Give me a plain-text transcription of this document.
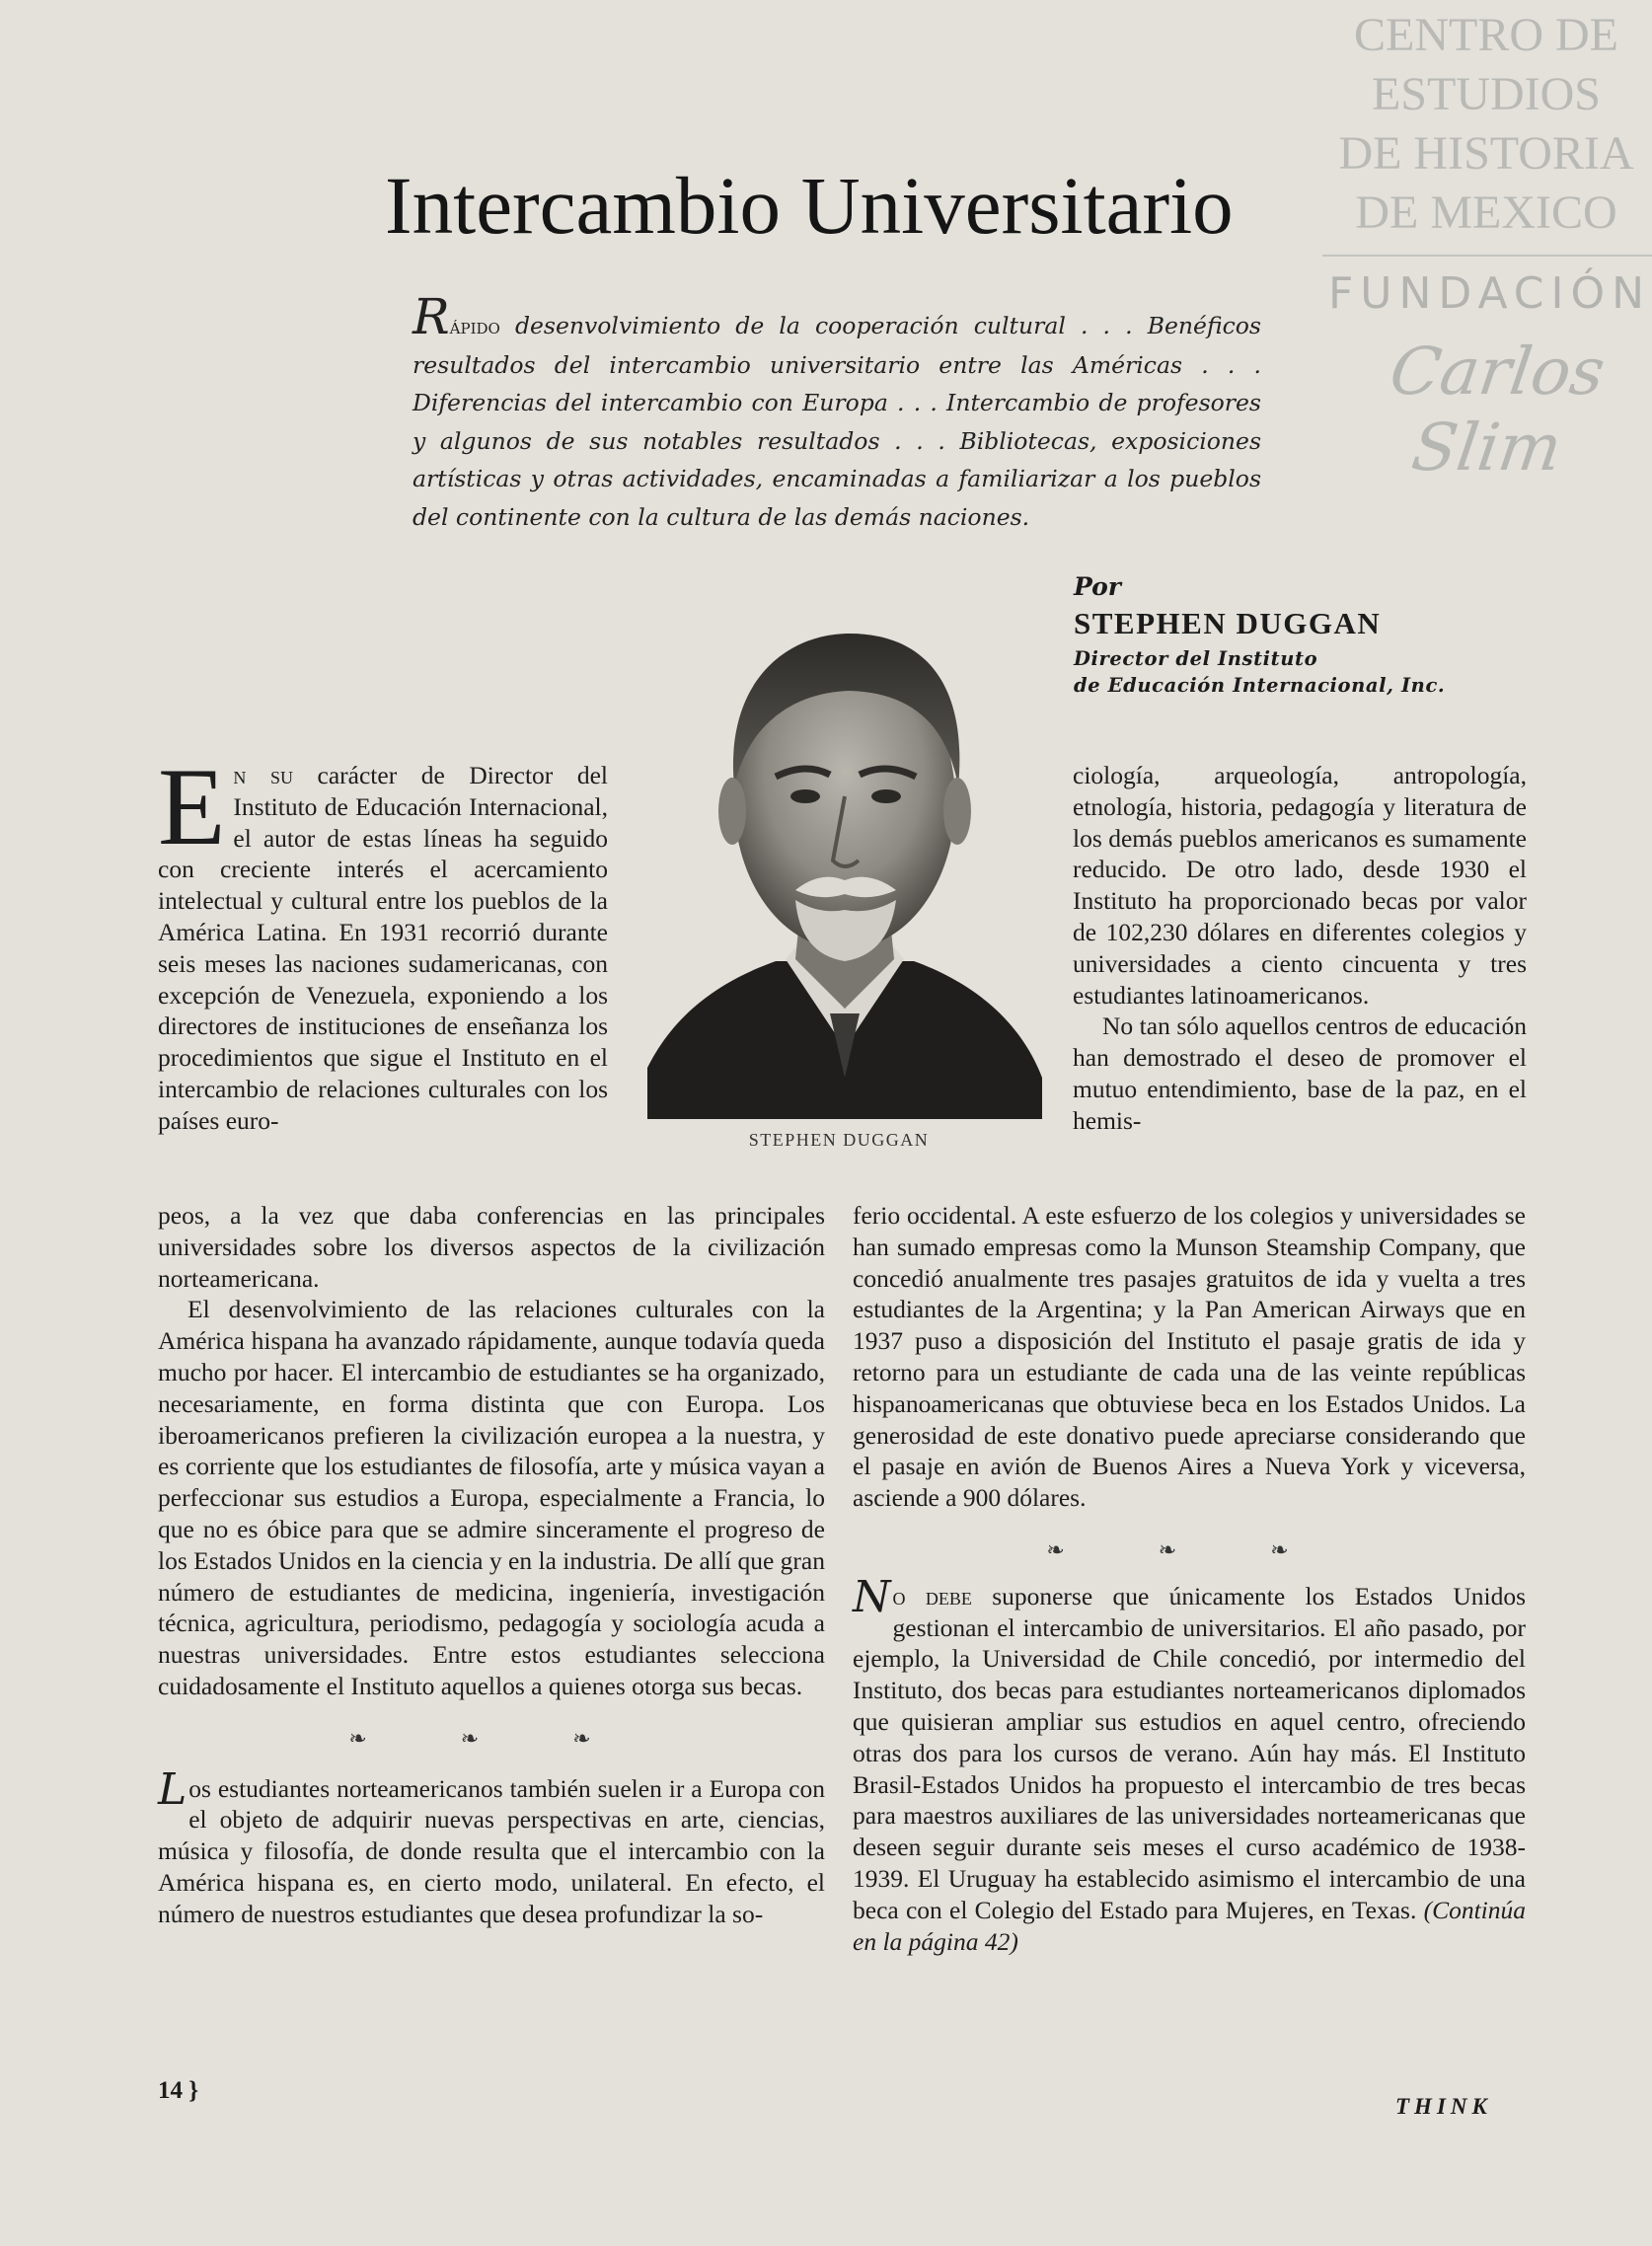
CENTRO DE
ESTUDIOS
DE HISTORIA
DE MEXICO
FUNDACIÓN
Carlos Slim
Intercambio Universitario
Rápido desenvolvimiento de la cooperación cultural . . . Benéficos resultados del intercambio universitario entre las Américas . . . Diferencias del intercambio con Europa . . . Intercambio de profesores y algunos de sus notables resultados . . . Bibliotecas, exposiciones artísticas y otras actividades, encaminadas a familiarizar a los pueblos del continente con la cultura de las demás naciones.
Por
STEPHEN DUGGAN
Director del Instituto
de Educación Internacional, Inc.
STEPHEN DUGGAN

En su carácter de Director del Instituto de Educación Internacional, el autor de estas líneas ha seguido con creciente interés el acercamiento intelectual y cultural entre los pueblos de la América Latina. En 1931 recorrió durante seis meses las naciones sudamericanas, con excepción de Venezuela, exponiendo a los directores de instituciones de enseñanza los procedimientos que sigue el Instituto en el intercambio de relaciones culturales con los países euro-

peos, a la vez que daba conferencias en las principales universidades sobre los diversos aspectos de la civilización norteamericana.

El desenvolvimiento de las relaciones culturales con la América hispana ha avanzado rápidamente, aunque todavía queda mucho por hacer. El intercambio de estudiantes se ha organizado, necesariamente, en forma distinta que con Europa. Los iberoamericanos prefieren la civilización europea a la nuestra, y es corriente que los estudiantes de filosofía, arte y música vayan a perfeccionar sus estudios a Europa, especialmente a Francia, lo que no es óbice para que se admire sinceramente el progreso de los Estados Unidos en la ciencia y en la industria. De allí que gran número de estudiantes de medicina, ingeniería, investigación técnica, agricultura, periodismo, pedagogía y sociología acuda a nuestras universidades. Entre estos estudiantes selecciona cuidadosamente el Instituto aquellos a quienes otorga sus becas.

❧ ❧ ❧

Los estudiantes norteamericanos también suelen ir a Europa con el objeto de adquirir nuevas perspectivas en arte, ciencias, música y filosofía, de donde resulta que el intercambio con la América hispana es, en cierto modo, unilateral. En efecto, el número de nuestros estudiantes que desea profundizar la so-

ciología, arqueología, antropología, etnología, historia, pedagogía y literatura de los demás pueblos americanos es sumamente reducido. De otro lado, desde 1930 el Instituto ha proporcionado becas por valor de 102,230 dólares en diferentes colegios y universidades a ciento cincuenta y tres estudiantes latinoamericanos.

No tan sólo aquellos centros de educación han demostrado el deseo de promover el mutuo entendimiento, base de la paz, en el hemis-

ferio occidental. A este esfuerzo de los colegios y universidades se han sumado empresas como la Munson Steamship Company, que concedió anualmente tres pasajes gratuitos de ida y vuelta a tres estudiantes de la Argentina; y la Pan American Airways que en 1937 puso a disposición del Instituto el pasaje gratis de ida y retorno para un estudiante de cada una de las veinte repúblicas hispanoamericanas que obtuviese beca en los Estados Unidos. La generosidad de este donativo puede apreciarse considerando que el pasaje en avión de Buenos Aires a Nueva York y viceversa, asciende a 900 dólares.

❧ ❧ ❧

No debe suponerse que únicamente los Estados Unidos gestionan el intercambio de universitarios. El año pasado, por ejemplo, la Universidad de Chile concedió, por intermedio del Instituto, dos becas para estudiantes norteamericanos diplomados que quisieran ampliar sus estudios en aquel centro, ofreciendo otras dos para los cursos de verano. Aún hay más. El Instituto Brasil-Estados Unidos ha propuesto el intercambio de tres becas para maestros auxiliares de las universidades norteamericanas que deseen seguir durante seis meses el curso académico de 1938-1939. El Uruguay ha establecido asimismo el intercambio de una beca con el Colegio del Estado para Mujeres, en Texas. (Continúa en la página 42)

14 }
THINK
